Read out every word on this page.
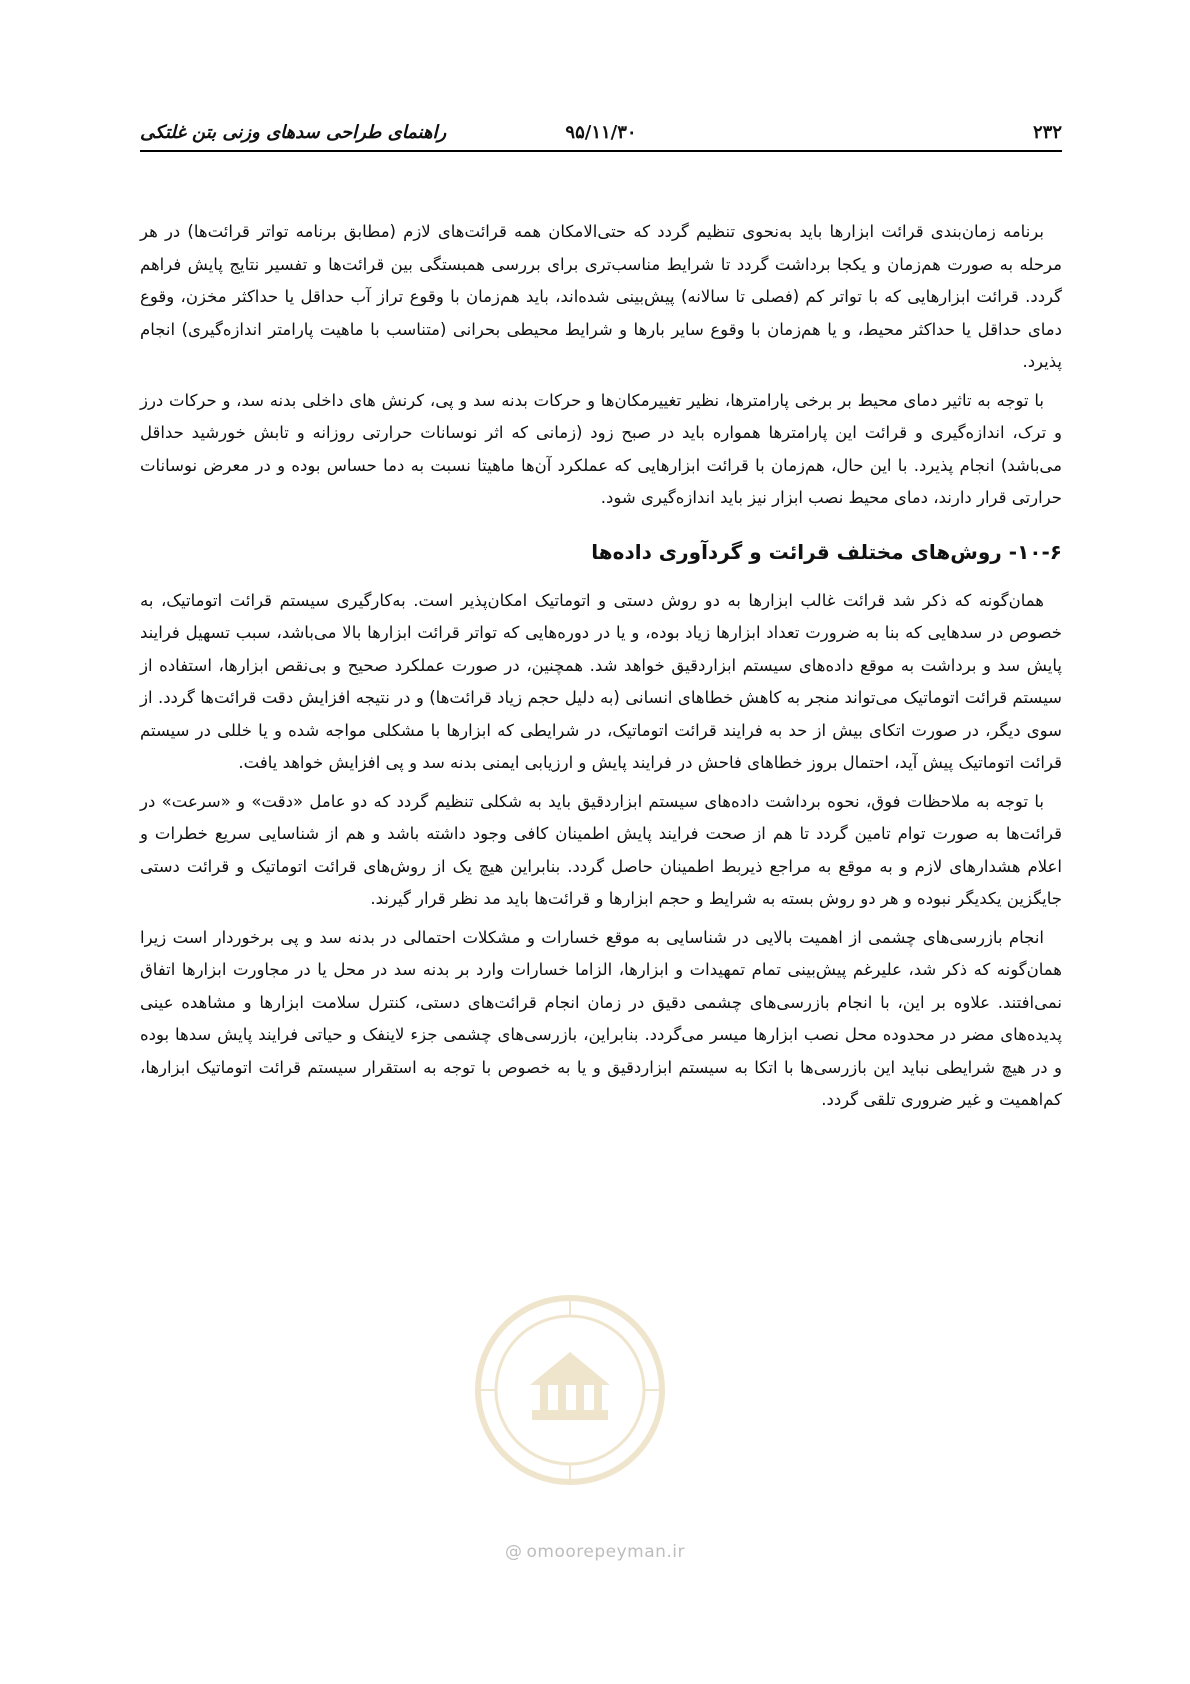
۲۳۲
۹۵/۱۱/۳۰
راهنمای طراحی سدهای وزنی بتن غلتکی

برنامه زمان‌بندی قرائت ابزارها باید به‌نحوی تنظیم گردد که حتی‌الامکان همه قرائت‌های لازم (مطابق برنامه تواتر قرائت‌ها) در هر مرحله به صورت هم‌زمان و یکجا برداشت گردد تا شرایط مناسب‌تری برای بررسی همبستگی بین قرائت‌ها و تفسیر نتایج پایش فراهم گردد. قرائت ابزارهایی که با تواتر کم (فصلی تا سالانه) پیش‌بینی شده‌اند، باید هم‌زمان با وقوع تراز آب حداقل یا حداکثر مخزن، وقوع دمای حداقل یا حداکثر محیط، و یا هم‌زمان با وقوع سایر بارها و شرایط محیطی بحرانی (متناسب با ماهیت پارامتر اندازه‌گیری) انجام پذیرد.

با توجه به تاثیر دمای محیط بر برخی پارامترها، نظیر تغییرمکان‌ها و حرکات بدنه سد و پی، کرنش های داخلی بدنه سد، و حرکات درز و ترک، اندازه‌گیری و قرائت این پارامترها همواره باید در صبح زود (زمانی که اثر نوسانات حرارتی روزانه و تابش خورشید حداقل می‌باشد) انجام پذیرد. با این حال، هم‌زمان با قرائت ابزارهایی که عملکرد آن‌ها ماهیتا نسبت به دما حساس بوده و در معرض نوسانات حرارتی قرار دارند، دمای محیط نصب ابزار نیز باید اندازه‌گیری شود.

۱۰-۶- روش‌های مختلف قرائت و گردآوری داده‌ها

همان‌گونه که ذکر شد قرائت غالب ابزارها به دو روش دستی و اتوماتیک امکان‌پذیر است. به‌کارگیری سیستم قرائت اتوماتیک، به خصوص در سدهایی که بنا به ضرورت تعداد ابزارها زیاد بوده، و یا در دوره‌هایی که تواتر قرائت ابزارها بالا می‌باشد، سبب تسهیل فرایند پایش سد و برداشت به موقع داده‌های سیستم ابزاردقیق خواهد شد. همچنین، در صورت عملکرد صحیح و بی‌نقص ابزارها، استفاده از سیستم قرائت اتوماتیک می‌تواند منجر به کاهش خطاهای انسانی (به دلیل حجم زیاد قرائت‌ها) و در نتیجه افزایش دقت قرائت‌ها گردد. از سوی دیگر، در صورت اتکای بیش از حد به فرایند قرائت اتوماتیک، در شرایطی که ابزارها با مشکلی مواجه شده و یا خللی در سیستم قرائت اتوماتیک پیش آید، احتمال بروز خطاهای فاحش در فرایند پایش و ارزیابی ایمنی بدنه سد و پی افزایش خواهد یافت.

با توجه به ملاحظات فوق، نحوه برداشت داده‌های سیستم ابزاردقیق باید به شکلی تنظیم گردد که دو عامل «دقت» و «سرعت» در قرائت‌ها به صورت توام تامین گردد تا هم از صحت فرایند پایش اطمینان کافی وجود داشته باشد و هم از شناسایی سریع خطرات و اعلام هشدارهای لازم و به موقع به مراجع ذیربط اطمینان حاصل گردد. بنابراین هیچ یک از روش‌های قرائت اتوماتیک و قرائت دستی جایگزین یکدیگر نبوده و هر دو روش بسته به شرایط و حجم ابزارها و قرائت‌ها باید مد نظر قرار گیرند.

انجام بازرسی‌های چشمی از اهمیت بالایی در شناسایی به موقع خسارات و مشکلات احتمالی در بدنه سد و پی برخوردار است زیرا همان‌گونه که ذکر شد، علیرغم پیش‌بینی تمام تمهیدات و ابزارها، الزاما خسارات وارد بر بدنه سد در محل یا در مجاورت ابزارها اتفاق نمی‌افتند. علاوه بر این، با انجام بازرسی‌های چشمی دقیق در زمان انجام قرائت‌های دستی، کنترل سلامت ابزارها و مشاهده عینی پدیده‌های مضر در محدوده محل نصب ابزارها میسر می‌گردد. بنابراین، بازرسی‌های چشمی جزء لاینفک و حیاتی فرایند پایش سدها بوده و در هیچ شرایطی نباید این بازرسی‌ها با اتکا به سیستم ابزاردقیق و یا به خصوص با توجه به استقرار سیستم قرائت اتوماتیک ابزارها، کم‌اهمیت و غیر ضروری تلقی گردد.

@ omoorepeyman.ir
